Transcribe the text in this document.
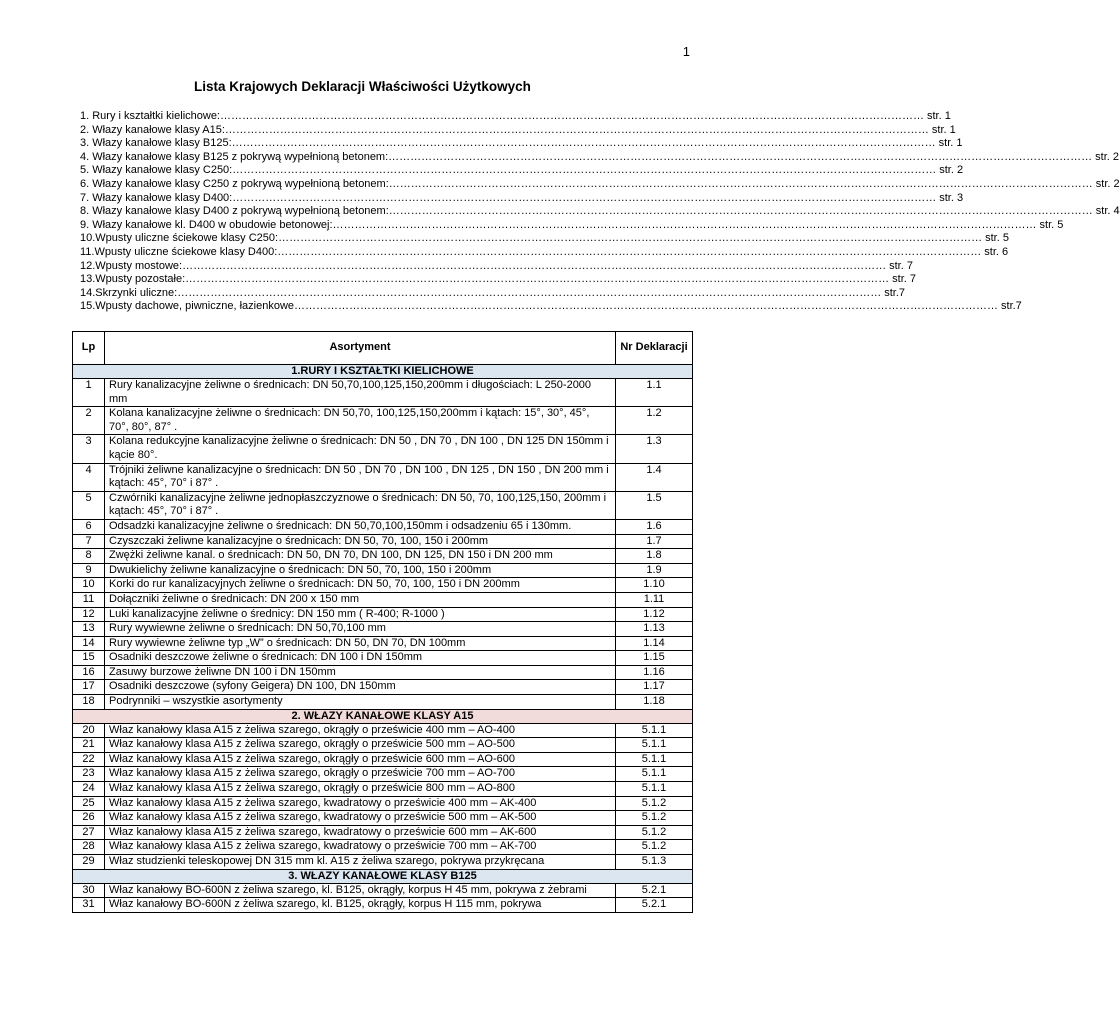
1
Lista Krajowych Deklaracji Właściwości Użytkowych
1. Rury i kształtki kielichowe: ………………………………………………………………………………………………………………………………………………………………………… str. 1
2. Włazy kanałowe klasy A15: ………………………………………………………………………………………………………………………………………………………………………… str. 1
3. Włazy kanałowe klasy B125: ………………………………………………………………………………………………………………………………………………………………………… str. 1
4. Włazy kanałowe klasy B125 z pokrywą wypełnioną betonem: ………………………………………………………………………………………………………………………………………………………………………… str. 2
5. Włazy kanałowe klasy C250: ………………………………………………………………………………………………………………………………………………………………………… str. 2
6. Włazy kanałowe klasy C250 z pokrywą wypełnioną betonem: ………………………………………………………………………………………………………………………………………………………………………… str. 2
7. Włazy kanałowe klasy D400: ………………………………………………………………………………………………………………………………………………………………………… str. 3
8. Włazy kanałowe klasy D400 z pokrywą wypełnioną betonem: ………………………………………………………………………………………………………………………………………………………………………… str. 4
9. Włazy kanałowe kl. D400 w obudowie betonowej: ………………………………………………………………………………………………………………………………………………………………………… str. 5
10.Wpusty uliczne ściekowe klasy C250: ………………………………………………………………………………………………………………………………………………………………………… str. 5
11.Wpusty uliczne ściekowe klasy D400: ………………………………………………………………………………………………………………………………………………………………………… str. 6
12.Wpusty mostowe: ………………………………………………………………………………………………………………………………………………………………………… str. 7
13.Wpusty pozostałe: ………………………………………………………………………………………………………………………………………………………………………… str. 7
14.Skrzynki uliczne: ………………………………………………………………………………………………………………………………………………………………………… str.7
15.Wpusty dachowe, piwniczne, łazienkowe ………………………………………………………………………………………………………………………………………………………………………… str.7
Lp	Asortyment	Nr Deklaracji
1.RURY I KSZTAŁTKI KIELICHOWE		
1	Rury kanalizacyjne żeliwne o średnicach: DN 50,70,100,125,150,200mm i długościach: L 250-2000 mm	1.1
2	Kolana kanalizacyjne żeliwne o średnicach: DN 50,70, 100,125,150,200mm i kątach: 15°, 30°, 45°, 70°, 80°, 87° .	1.2
3	Kolana redukcyjne kanalizacyjne żeliwne o średnicach: DN 50 , DN 70 , DN 100 , DN 125 DN 150mm i kącie 80°.	1.3
4	Trójniki żeliwne kanalizacyjne o średnicach: DN 50 , DN 70 , DN 100 , DN 125 , DN 150 , DN 200 mm i kątach: 45°, 70° i 87° .	1.4
5	Czwórniki kanalizacyjne żeliwne jednopłaszczyznowe o średnicach: DN 50, 70, 100,125,150, 200mm i kątach: 45°, 70° i 87° .	1.5
6	Odsadzki kanalizacyjne żeliwne o średnicach: DN 50,70,100,150mm i odsadzeniu 65 i 130mm.	1.6
7	Czyszczaki żeliwne kanalizacyjne o średnicach: DN 50, 70, 100, 150 i 200mm	1.7
8	Zwężki żeliwne kanal. o średnicach: DN 50, DN 70, DN 100, DN 125, DN 150 i DN 200 mm	1.8
9	Dwukielichy żeliwne kanalizacyjne o średnicach: DN 50, 70, 100, 150 i 200mm	1.9
10	Korki do rur kanalizacyjnych żeliwne o średnicach: DN 50, 70, 100, 150 i DN 200mm	1.10
11	Dołączniki żeliwne o średnicach: DN 200 x 150 mm	1.11
12	Luki kanalizacyjne żeliwne o średnicy: DN 150 mm ( R-400; R-1000 )	1.12
13	Rury wywiewne żeliwne o średnicach: DN 50,70,100 mm	1.13
14	Rury wywiewne żeliwne typ „W” o średnicach: DN 50, DN 70, DN 100mm	1.14
15	Osadniki deszczowe żeliwne o średnicach: DN 100 i DN 150mm	1.15
16	Zasuwy burzowe żeliwne DN 100 i DN 150mm	1.16
17	Osadniki deszczowe (syfony Geigera) DN 100, DN 150mm	1.17
18	Podrynniki – wszystkie asortymenty	1.18
2. WŁAZY KANAŁOWE KLASY A15		
20	Właz kanałowy klasa A15 z żeliwa szarego, okrągły o prześwicie 400 mm – AO-400	5.1.1
21	Właz kanałowy klasa A15 z żeliwa szarego, okrągły o prześwicie 500 mm – AO-500	5.1.1
22	Właz kanałowy klasa A15 z żeliwa szarego, okrągły o prześwicie 600 mm – AO-600	5.1.1
23	Właz kanałowy klasa A15 z żeliwa szarego, okrągły o prześwicie 700 mm – AO-700	5.1.1
24	Właz kanałowy klasa A15 z żeliwa szarego, okrągły o prześwicie 800 mm – AO-800	5.1.1
25	Właz kanałowy klasa A15 z żeliwa szarego, kwadratowy o prześwicie 400 mm – AK-400	5.1.2
26	Właz kanałowy klasa A15 z żeliwa szarego, kwadratowy o prześwicie 500 mm – AK-500	5.1.2
27	Właz kanałowy klasa A15 z żeliwa szarego, kwadratowy o prześwicie 600 mm – AK-600	5.1.2
28	Właz kanałowy klasa A15 z żeliwa szarego, kwadratowy o prześwicie 700 mm – AK-700	5.1.2
29	Właz studzienki teleskopowej DN 315 mm kl. A15 z żeliwa szarego, pokrywa przykręcana	5.1.3
3. WŁAZY KANAŁOWE KLASY B125		
30	Właz kanałowy BO-600N z żeliwa szarego, kl. B125, okrągły, korpus H 45 mm, pokrywa z żebrami	5.2.1
31	Właz kanałowy BO-600N z żeliwa szarego, kl. B125, okrągły, korpus H 115 mm, pokrywa	5.2.1
